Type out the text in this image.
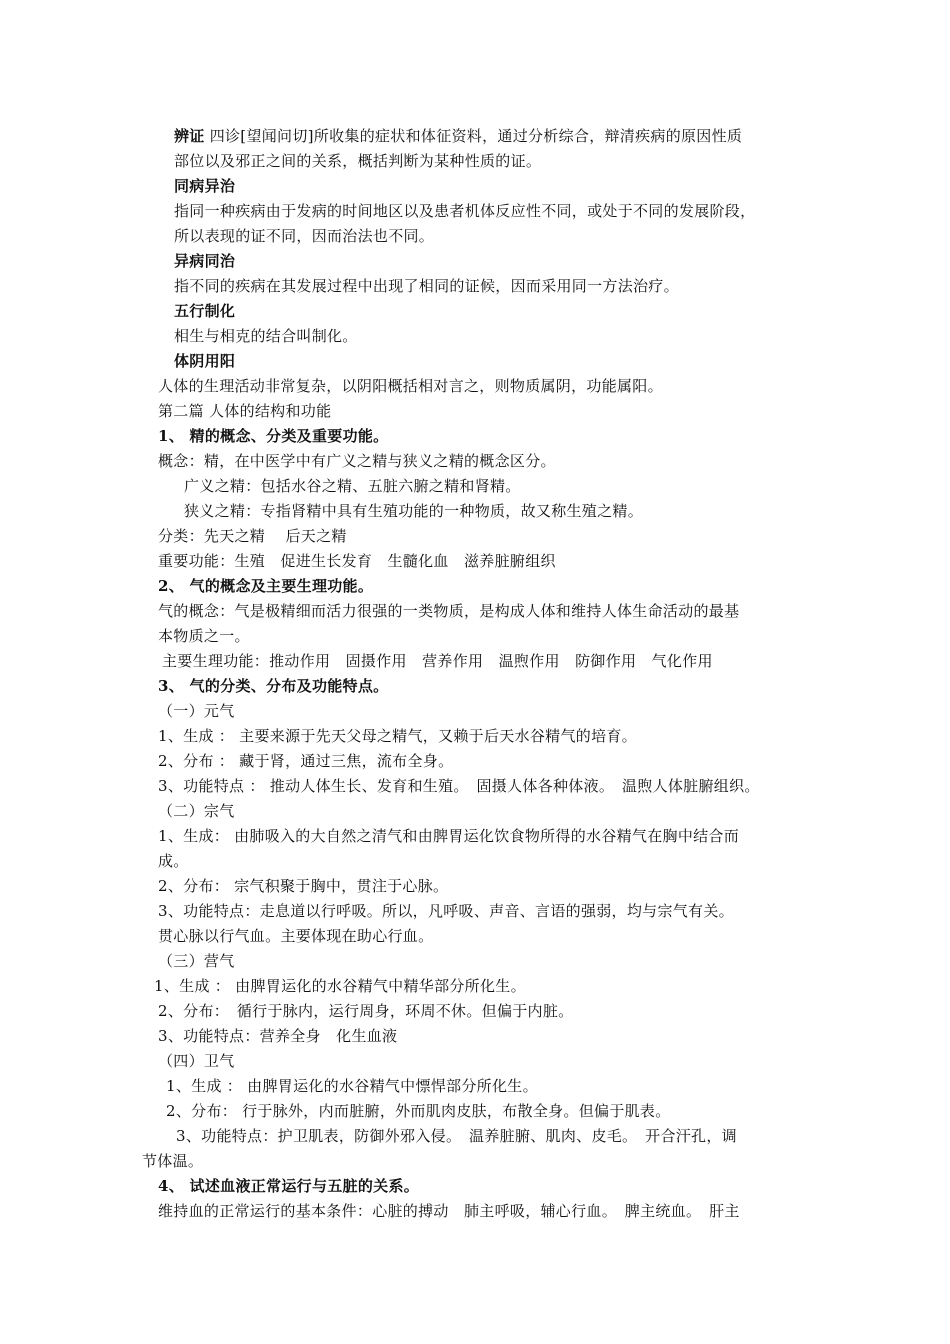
辨证 四诊[望闻问切]所收集的症状和体征资料，通过分析综合，辩清疾病的原因性质
部位以及邪正之间的关系，概括判断为某种性质的证。
同病异治
指同一种疾病由于发病的时间地区以及患者机体反应性不同，或处于不同的发展阶段，
所以表现的证不同，因而治法也不同。
异病同治
指不同的疾病在其发展过程中出现了相同的证候，因而采用同一方法治疗。
五行制化
相生与相克的结合叫制化。
体阴用阳
人体的生理活动非常复杂，以阴阳概括相对言之，则物质属阴，功能属阳。
第二篇 人体的结构和功能
1、 精的概念、分类及重要功能。
概念：精，在中医学中有广义之精与狭义之精的概念区分。
广义之精：包括水谷之精、五脏六腑之精和肾精。
狭义之精：专指肾精中具有生殖功能的一种物质，故又称生殖之精。
分类：先天之精　 后天之精
重要功能：生殖　促进生长发育　生髓化血　滋养脏腑组织
2、 气的概念及主要生理功能。
气的概念：气是极精细而活力很强的一类物质，是构成人体和维持人体生命活动的最基
本物质之一。
主要生理功能：推动作用　固摄作用　营养作用　温煦作用　防御作用　气化作用
3、 气的分类、分布及功能特点。
（一）元气
1、生成 ： 主要来源于先天父母之精气，又赖于后天水谷精气的培育。
2、分布 ： 藏于肾，通过三焦，流布全身。
3、功能特点 ： 推动人体生长、发育和生殖。　固摄人体各种体液。　温煦人体脏腑组织。
（二）宗气
1、生成： 由肺吸入的大自然之清气和由脾胃运化饮食物所得的水谷精气在胸中结合而
成。
2、分布： 宗气积聚于胸中，贯注于心脉。
3、功能特点：走息道以行呼吸。所以，凡呼吸、声音、言语的强弱，均与宗气有关。
贯心脉以行气血。主要体现在助心行血。
（三）营气
1、生成 ： 由脾胃运化的水谷精气中精华部分所化生。
2、分布：　循行于脉内，运行周身，环周不休。但偏于内脏。
3、功能特点：营养全身　化生血液
（四）卫气
1、生成 ： 由脾胃运化的水谷精气中慓悍部分所化生。
2、分布： 行于脉外，内而脏腑，外而肌肉皮肤，布散全身。但偏于肌表。
3、功能特点：护卫肌表，防御外邪入侵。　温养脏腑、肌肉、皮毛。　开合汗孔，调
节体温。
4、 试述血液正常运行与五脏的关系。
维持血的正常运行的基本条件：心脏的搏动　肺主呼吸，辅心行血。　脾主统血。　肝主
